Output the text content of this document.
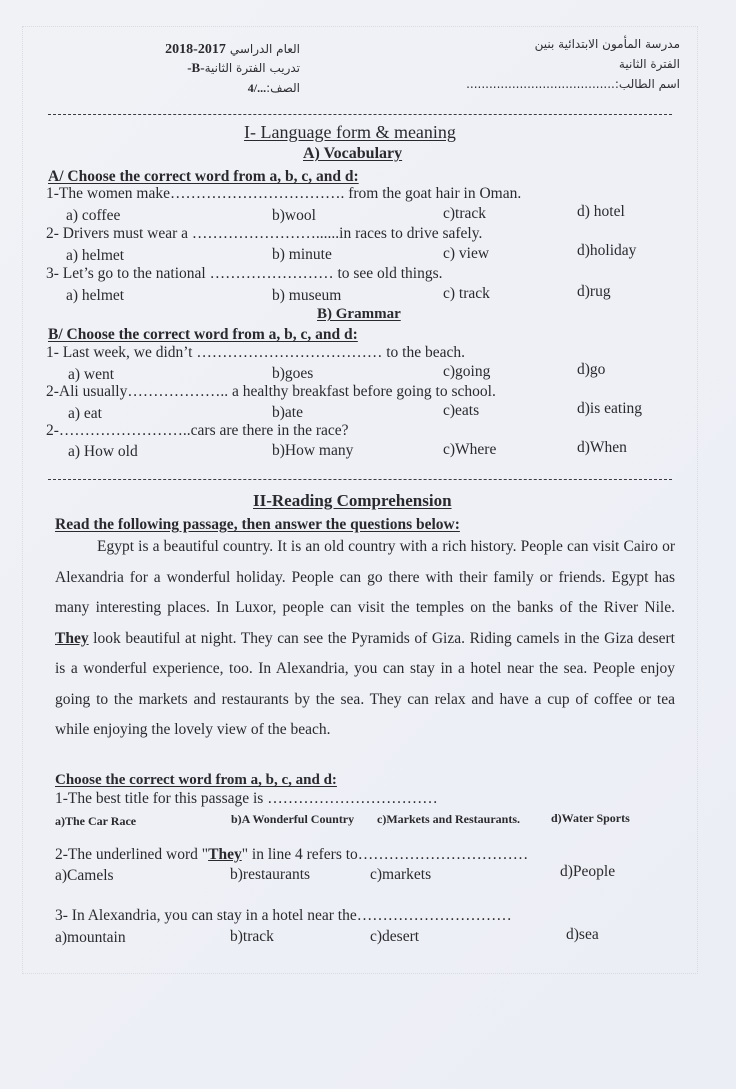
مدرسة المأمون الابتدائية بنين
الفترة الثانية
اسم الطالب:.......................................
العام الدراسي 2018-2017
تدريب الفترة الثانية-B-
الصف:4/...
I- Language form & meaning
A) Vocabulary
A/ Choose the correct word from a, b, c, and d:
1-The women make……………………………. from the goat hair in Oman.
a) coffee	b)wool	c)track	d) hotel
2- Drivers must wear a ……………………......in races to drive safely.
a) helmet	b) minute	c) view	d)holiday
3- Let’s go to the national …………………… to see old things.
a) helmet	b) museum	c) track	d)rug
B) Grammar
B/ Choose the correct word from a, b, c, and d:
1- Last week, we didn’t ……………………………… to the beach.
a) went	b)goes	c)going	d)go
2-Ali usually……………….. a healthy breakfast before going to school.
a) eat	b)ate	c)eats	d)is eating
2-……………………..cars are there in the race?
a) How old	b)How many	c)Where	d)When
II-Reading Comprehension
Read the following passage, then answer the questions below:
Egypt is a beautiful country. It is an old country with a rich history. People can visit Cairo or Alexandria for a wonderful holiday. People can go there with their family or friends. Egypt has many interesting places. In Luxor, people can visit the temples on the banks of the River Nile. They look beautiful at night. They can see the Pyramids of Giza. Riding camels in the Giza desert is a wonderful experience, too. In Alexandria, you can stay in a hotel near the sea. People enjoy going to the markets and restaurants by the sea. They can relax and have a cup of coffee or tea while enjoying the lovely view of the beach.
Choose the correct word from a, b, c, and d:
1-The best title for this passage is ……………………………
a)The Car Race	b)A Wonderful Country c)Markets and Restaurants.	d)Water Sports
2-The underlined word "They" in line 4 refers to……………………………
a)Camels	b)restaurants	c)markets	d)People
3- In Alexandria, you can stay in a hotel near the…………………………
a)mountain	b)track	c)desert	d)sea
